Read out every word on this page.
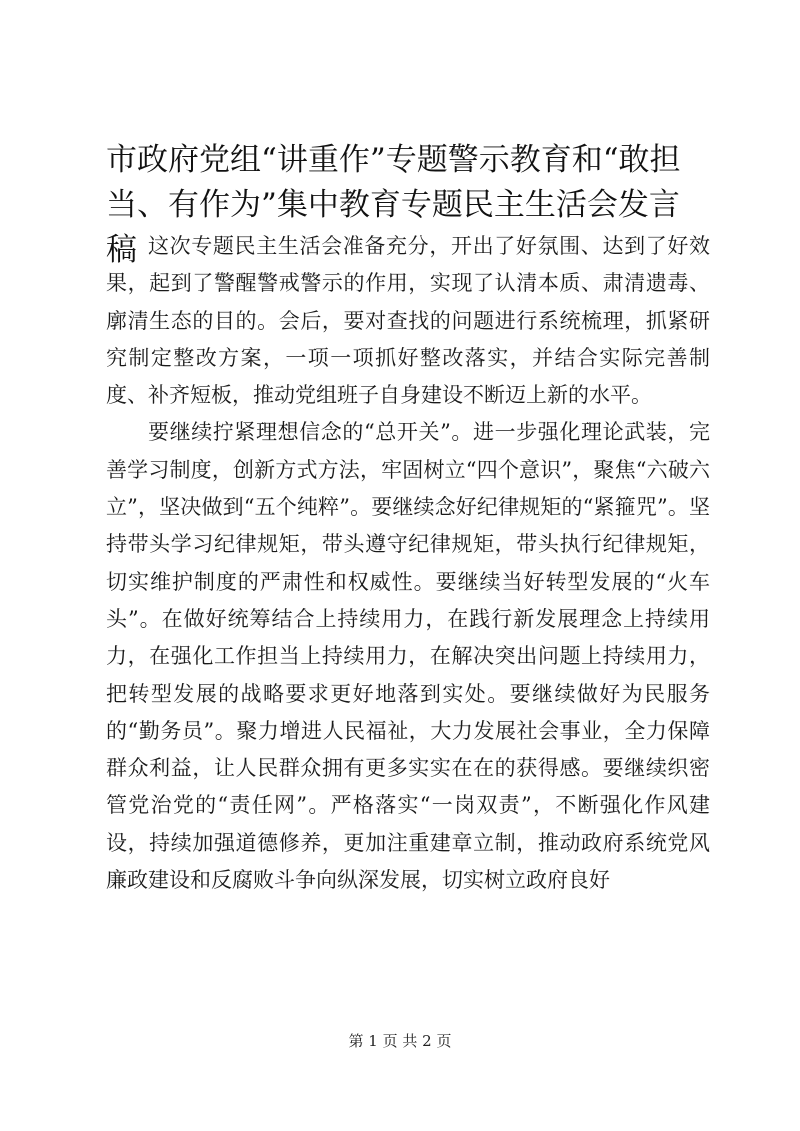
市政府党组“讲重作”专题警示教育和“敢担当、有作为”集中教育专题民主生活会发言稿 这次专题民主生活会准备充分，开出了好氛围、达到了好效果，起到了警醒警戒警示的作用，实现了认清本质、肃清遗毒、廓清生态的目的。会后，要对查找的问题进行系统梳理，抓紧研究制定整改方案，一项一项抓好整改落实，并结合实际完善制度、补齐短板，推动党组班子自身建设不断迈上新的水平。

要继续拧紧理想信念的“总开关”。进一步强化理论武装，完善学习制度，创新方式方法，牢固树立“四个意识”，聚焦“六破六立”，坚决做到“五个纯粹”。要继续念好纪律规矩的“紧箍咒”。坚持带头学习纪律规矩，带头遵守纪律规矩，带头执行纪律规矩，切实维护制度的严肃性和权威性。要继续当好转型发展的“火车头”。在做好统筹结合上持续用力，在践行新发展理念上持续用力，在强化工作担当上持续用力，在解决突出问题上持续用力，把转型发展的战略要求更好地落到实处。要继续做好为民服务的“勤务员”。聚力增进人民福祉，大力发展社会事业，全力保障群众利益，让人民群众拥有更多实实在在的获得感。要继续织密管党治党的“责任网”。严格落实“一岗双责”，不断强化作风建设，持续加强道德修养，更加注重建章立制，推动政府系统党风廉政建设和反腐败斗争向纵深发展，切实树立政府良好

第 1 页 共 2 页
